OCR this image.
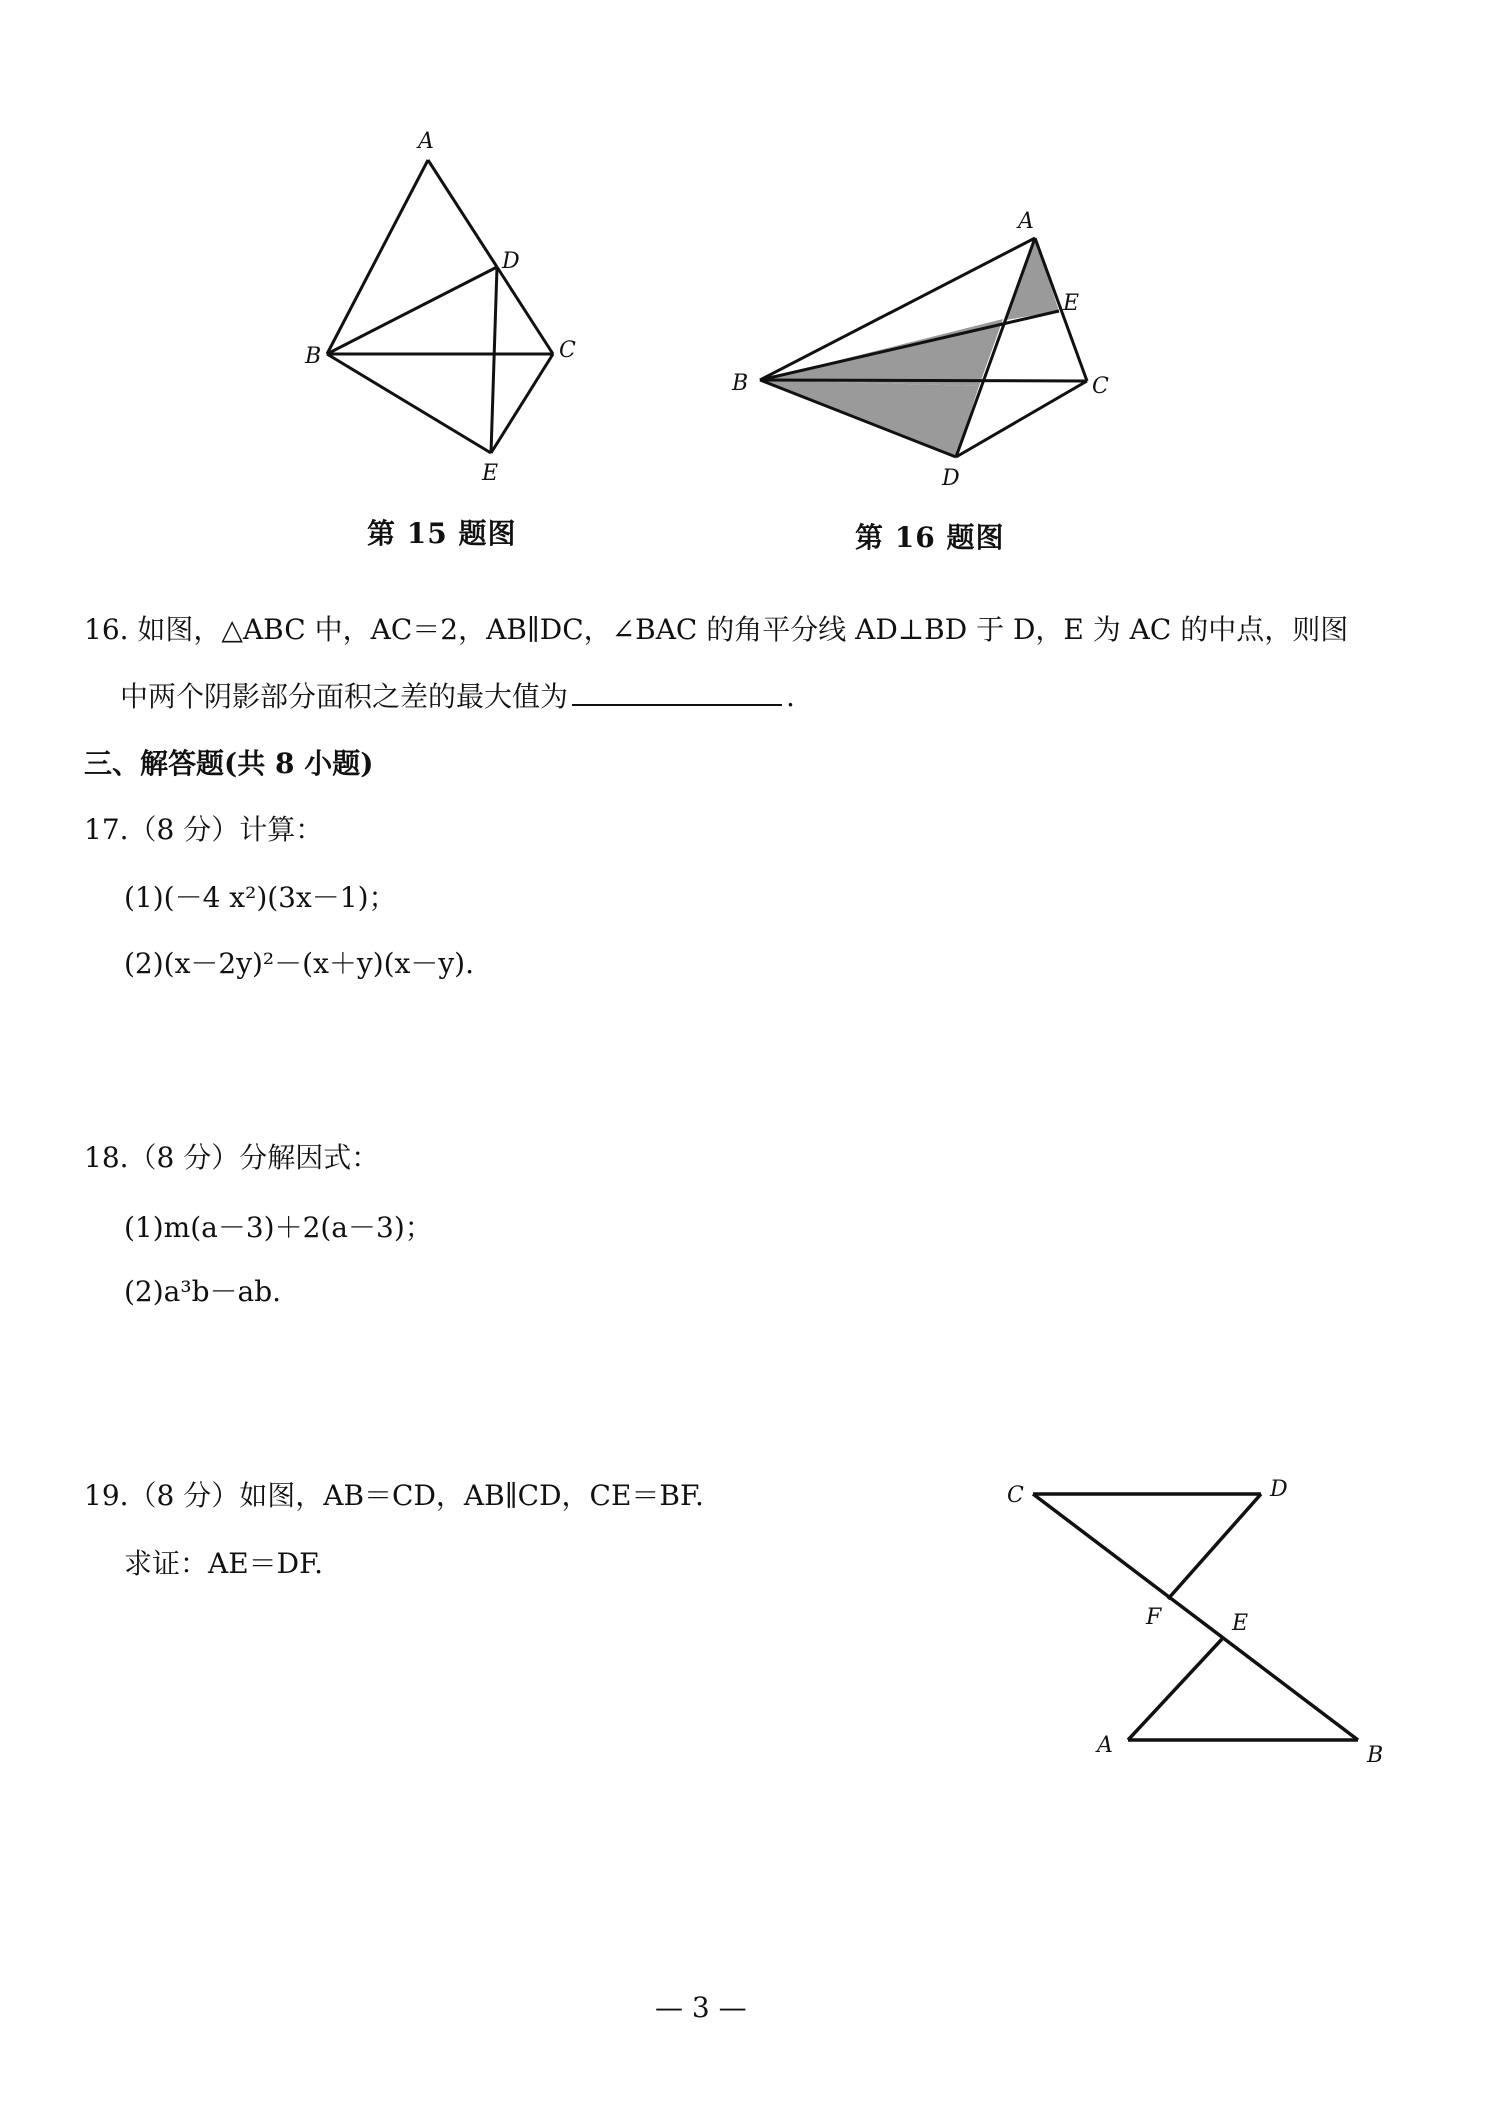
A
B	C
D
E
第 15 题图
A
B	C
D
E
第 16 题图
16. 如图，△ABC 中，AC＝2，AB∥DC，∠BAC 的角平分线 AD⊥BD 于 D，E 为 AC 的中点，则图
中两个阴影部分面积之差的最大值为	.
三、解答题(共 8 小题)
17.（8 分）计算：
(1)(－4 x²)(3x－1)；
(2)(x－2y)²－(x＋y)(x－y).
18.（8 分）分解因式：
(1)m(a－3)＋2(a－3)；
(2)a³b－ab.
19.（8 分）如图，AB＝CD，AB∥CD，CE＝BF.
求证：AE＝DF.
C	D
F	E
A	B
— 3 —
